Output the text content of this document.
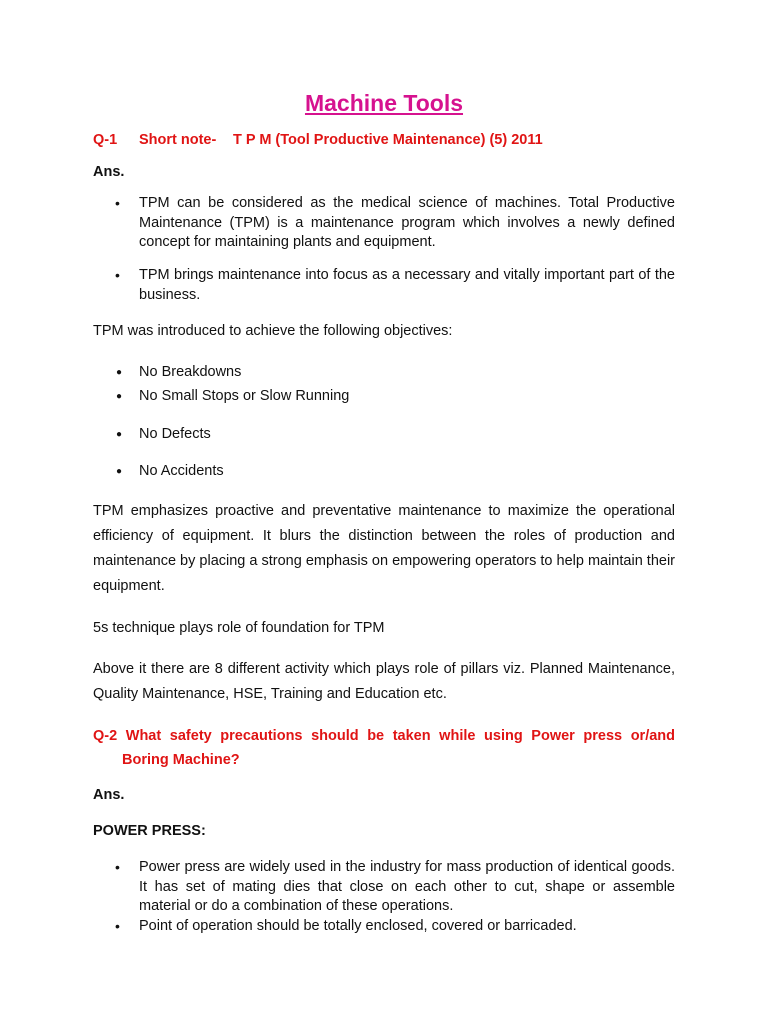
Machine Tools
Q-1 Short note- T P M (Tool Productive Maintenance) (5) 2011
Ans.
• TPM can be considered as the medical science of machines. Total Productive Maintenance (TPM) is a maintenance program which involves a newly defined concept for maintaining plants and equipment.
• TPM brings maintenance into focus as a necessary and vitally important part of the business.
TPM was introduced to achieve the following objectives:
● No Breakdowns
● No Small Stops or Slow Running
● No Defects
● No Accidents
TPM emphasizes proactive and preventative maintenance to maximize the operational efficiency of equipment. It blurs the distinction between the roles of production and maintenance by placing a strong emphasis on empowering operators to help maintain their equipment.
5s technique plays role of foundation for TPM
Above it there are 8 different activity which plays role of pillars viz. Planned Maintenance, Quality Maintenance, HSE, Training and Education etc.
Q-2 What safety precautions should be taken while using Power press or/and
Boring Machine?
Ans.
POWER PRESS:
• Power press are widely used in the industry for mass production of identical goods. It has set of mating dies that close on each other to cut, shape or assemble material or do a combination of these operations.
• Point of operation should be totally enclosed, covered or barricaded.
